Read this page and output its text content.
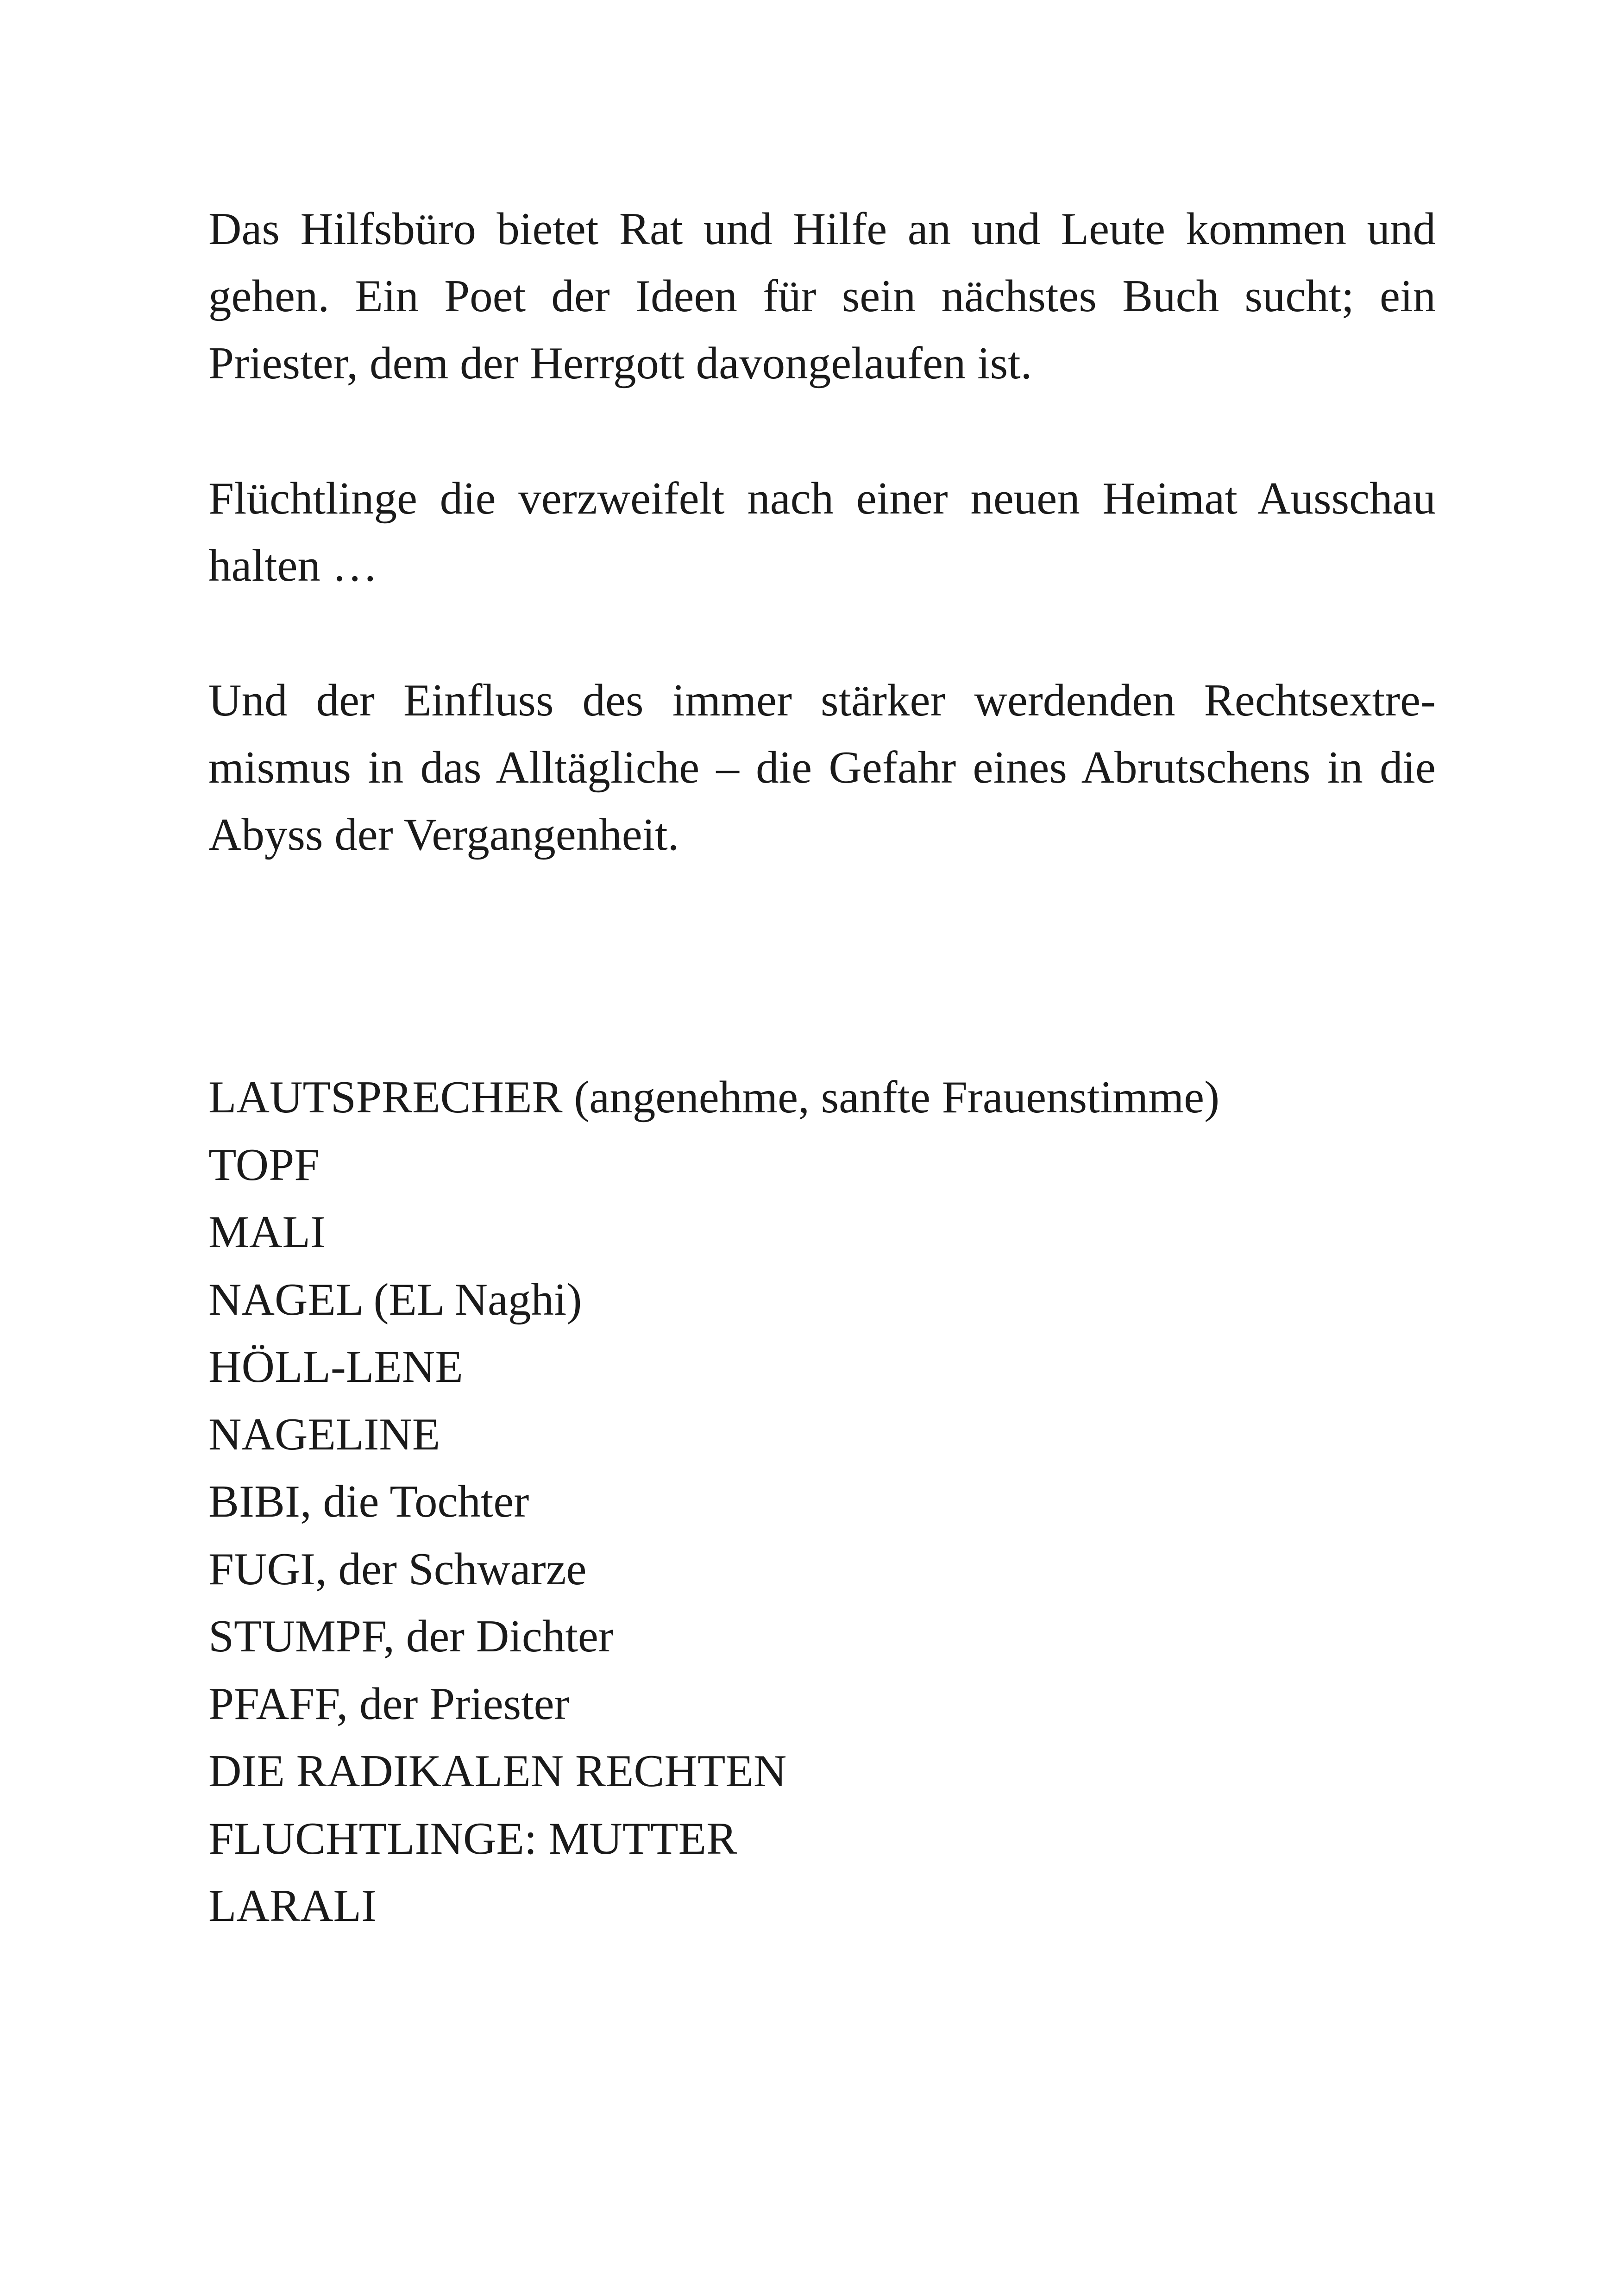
Das Hilfsbüro bietet Rat und Hilfe an und Leute kommen und gehen. Ein Poet der Ideen für sein nächstes Buch sucht; ein Priester, dem der Herrgott davongelaufen ist.

Flüchtlinge die verzweifelt nach einer neuen Heimat Ausschau halten …

Und der Einfluss des immer stärker werdenden Rechtsextremismus in das Alltägliche – die Gefahr eines Abrutschens in die Abyss der Vergangenheit.

LAUTSPRECHER (angenehme, sanfte Frauenstimme)
TOPF
MALI
NAGEL (EL Naghi)
HÖLL-LENE
NAGELINE
BIBI, die Tochter
FUGI, der Schwarze
STUMPF, der Dichter
PFAFF, der Priester
DIE RADIKALEN RECHTEN
FLUCHTLINGE: MUTTER
LARALI
